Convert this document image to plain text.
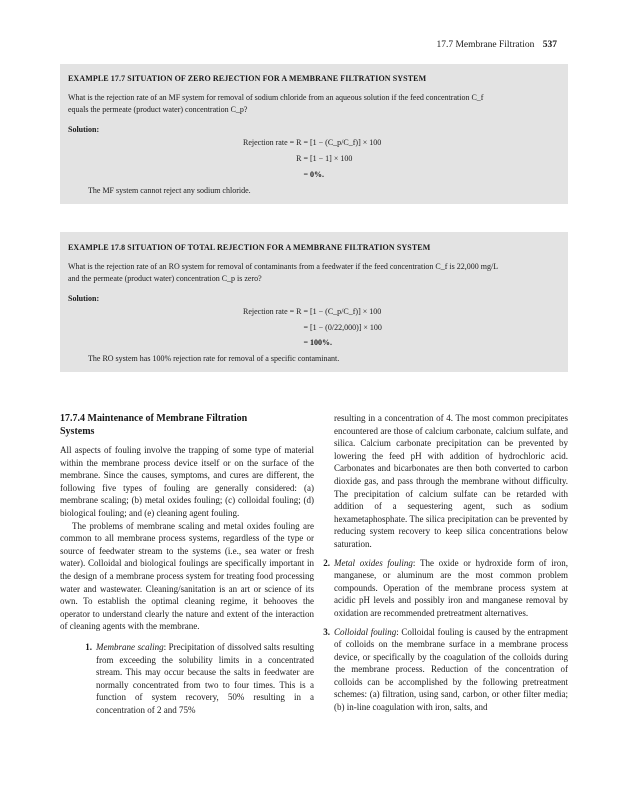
17.7 Membrane Filtration 537
EXAMPLE 17.7 SITUATION OF ZERO REJECTION FOR A MEMBRANE FILTRATION SYSTEM
What is the rejection rate of an MF system for removal of sodium chloride from an aqueous solution if the feed concentration C_f
equals the permeate (product water) concentration C_p?
Solution:
Rejection rate = R = [1 − (C_p/C_f)] × 100
R = [1 − 1] × 100
= 0%.
The MF system cannot reject any sodium chloride.
EXAMPLE 17.8 SITUATION OF TOTAL REJECTION FOR A MEMBRANE FILTRATION SYSTEM
What is the rejection rate of an RO system for removal of contaminants from a feedwater if the feed concentration C_f is 22,000 mg/L
and the permeate (product water) concentration C_p is zero?
Solution:
Rejection rate = R = [1 − (C_p/C_f)] × 100
= [1 − (0/22,000)] × 100
= 100%.
The RO system has 100% rejection rate for removal of a specific contaminant.
17.7.4 Maintenance of Membrane Filtration
Systems

All aspects of fouling involve the trapping of some type of material within the membrane process device itself or on the surface of the membrane. Since the causes, symptoms, and cures are different, the following five types of fouling are generally considered: (a) membrane scaling; (b) metal oxides fouling; (c) colloidal fouling; (d) biological fouling; and (e) cleaning agent fouling.

The problems of membrane scaling and metal oxides fouling are common to all membrane process systems, regardless of the type or source of feedwater stream to the systems (i.e., sea water or fresh water). Colloidal and biological foulings are specifically important in the design of a membrane process system for treating food processing water and wastewater. Cleaning/sanitation is an art or science of its own. To establish the optimal cleaning regime, it behooves the operator to understand clearly the nature and extent of the interaction of cleaning agents with the membrane.

1. Membrane scaling: Precipitation of dissolved salts resulting from exceeding the solubility limits in a concentrated stream. This may occur because the salts in feedwater are normally concentrated from two to four times. This is a function of system recovery, 50% resulting in a concentration of 2 and 75%
resulting in a concentration of 4. The most common precipitates encountered are those of calcium carbonate, calcium sulfate, and silica. Calcium carbonate precipitation can be prevented by lowering the feed pH with addition of hydrochloric acid. Carbonates and bicarbonates are then both converted to carbon dioxide gas, and pass through the membrane without difficulty. The precipitation of calcium sulfate can be retarded with addition of a sequestering agent, such as sodium hexametaphosphate. The silica precipitation can be prevented by reducing system recovery to keep silica concentrations below saturation.
2. Metal oxides fouling: The oxide or hydroxide form of iron, manganese, or aluminum are the most common problem compounds. Operation of the membrane process system at acidic pH levels and possibly iron and manganese removal by oxidation are recommended pretreatment alternatives.
3. Colloidal fouling: Colloidal fouling is caused by the entrapment of colloids on the membrane surface in a membrane process device, or specifically by the coagulation of the colloids during the membrane process. Reduction of the concentration of colloids can be accomplished by the following pretreatment schemes: (a) filtration, using sand, carbon, or other filter media; (b) in-line coagulation with iron, salts, and
